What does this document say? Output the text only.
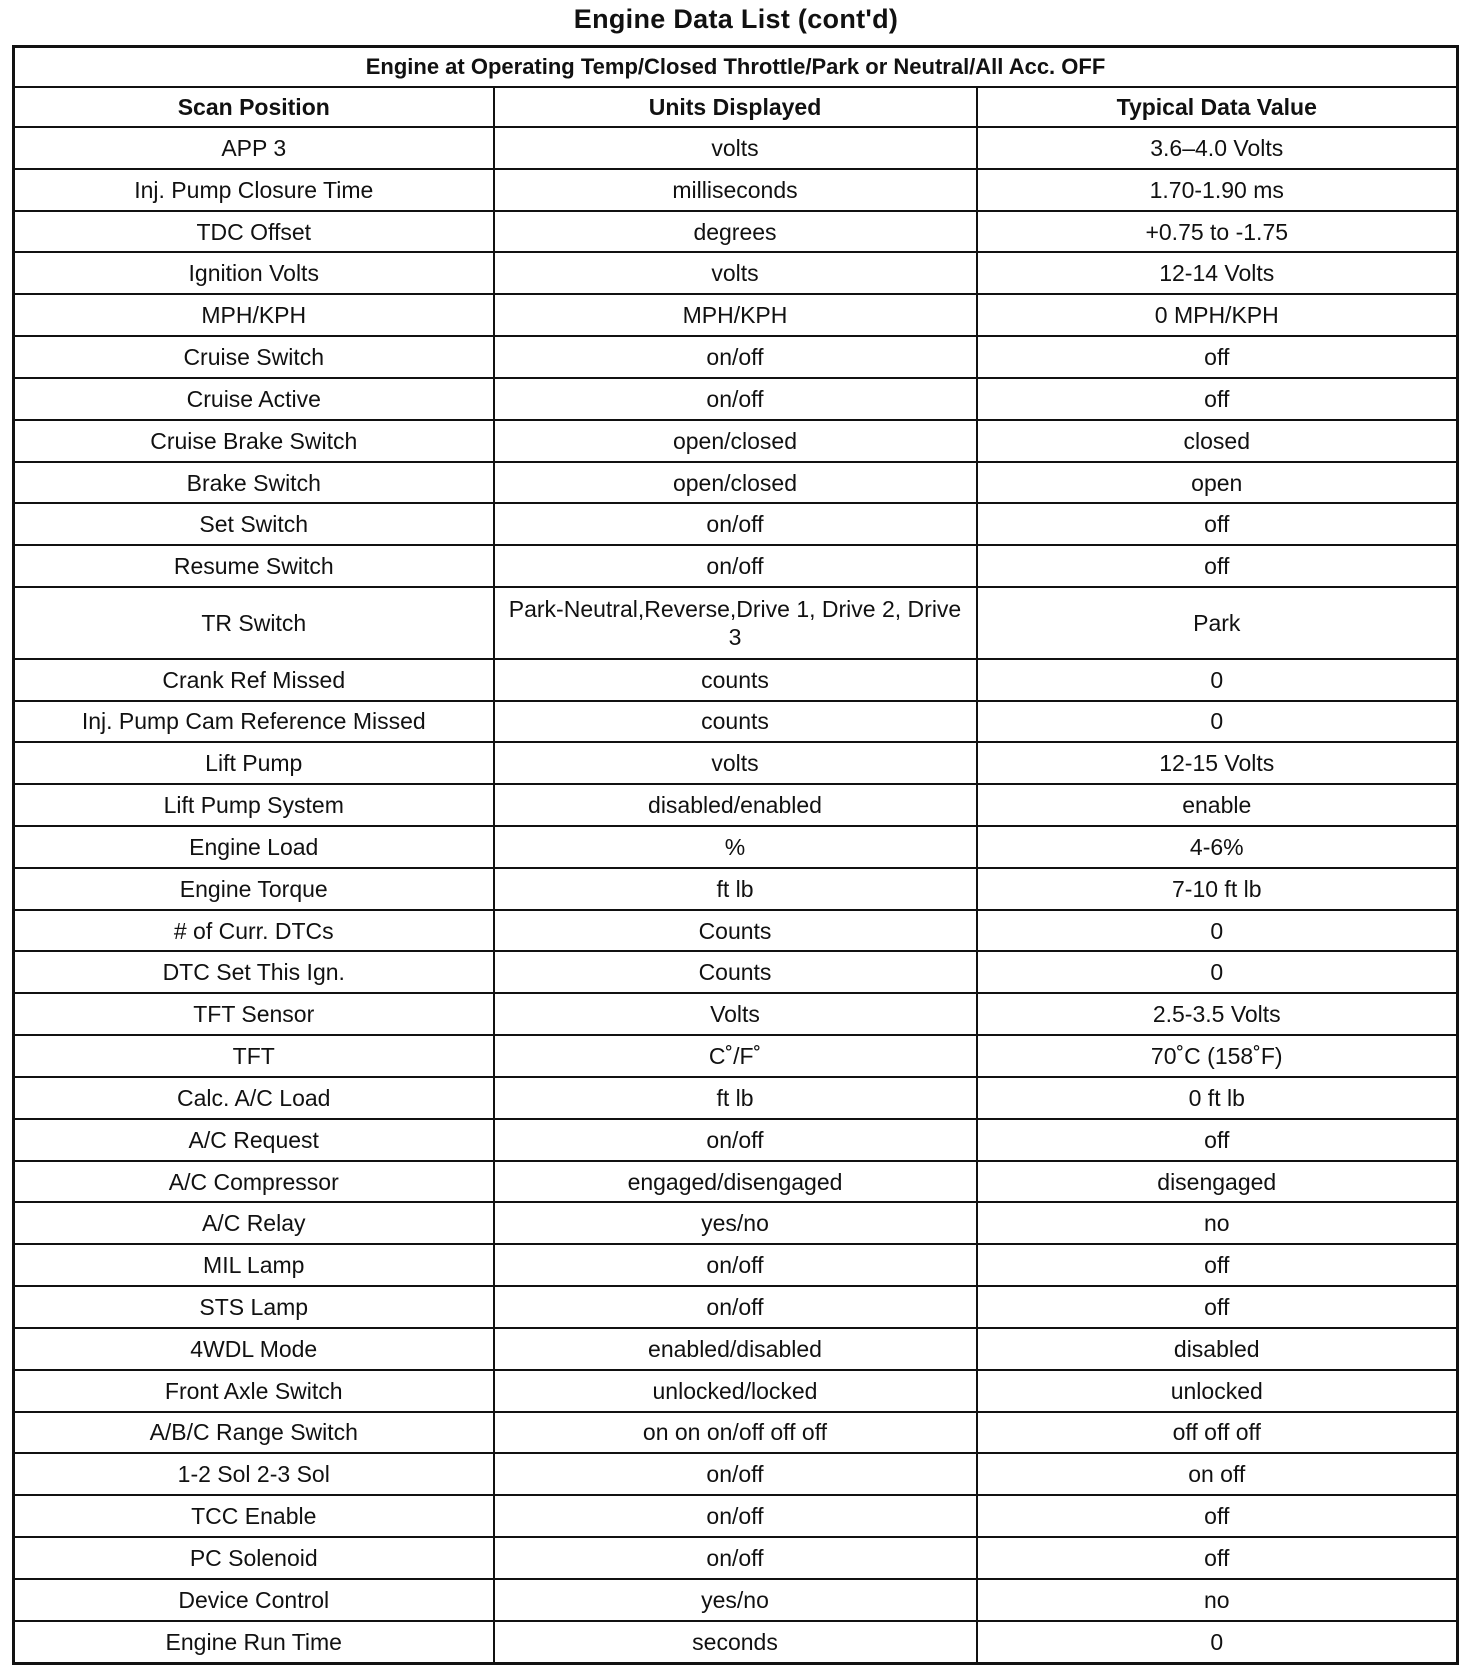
Engine Data List (cont'd)
Engine at Operating Temp/Closed Throttle/Park or Neutral/All Acc. OFF		
Scan Position	Units Displayed	Typical Data Value
APP 3	volts	3.6–4.0 Volts
Inj. Pump Closure Time	milliseconds	1.70-1.90 ms
TDC Offset	degrees	+0.75 to -1.75
Ignition Volts	volts	12-14 Volts
MPH/KPH	MPH/KPH	0 MPH/KPH
Cruise Switch	on/off	off
Cruise Active	on/off	off
Cruise Brake Switch	open/closed	closed
Brake Switch	open/closed	open
Set Switch	on/off	off
Resume Switch	on/off	off
TR Switch	Park-Neutral,Reverse,Drive 1, Drive 2, Drive 3	Park
Crank Ref Missed	counts	0
Inj. Pump Cam Reference Missed	counts	0
Lift Pump	volts	12-15 Volts
Lift Pump System	disabled/enabled	enable
Engine Load	%	4-6%
Engine Torque	ft lb	7-10 ft lb
# of Curr. DTCs	Counts	0
DTC Set This Ign.	Counts	0
TFT Sensor	Volts	2.5-3.5 Volts
TFT	C˚/F˚	70˚C (158˚F)
Calc. A/C Load	ft lb	0 ft lb
A/C Request	on/off	off
A/C Compressor	engaged/disengaged	disengaged
A/C Relay	yes/no	no
MIL Lamp	on/off	off
STS Lamp	on/off	off
4WDL Mode	enabled/disabled	disabled
Front Axle Switch	unlocked/locked	unlocked
A/B/C Range Switch	on on on/off off off	off off off
1-2 Sol 2-3 Sol	on/off	on off
TCC Enable	on/off	off
PC Solenoid	on/off	off
Device Control	yes/no	no
Engine Run Time	seconds	0
